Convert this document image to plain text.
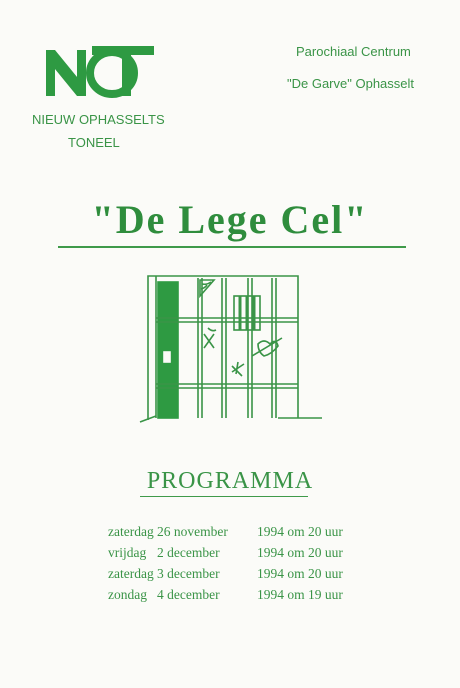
NIEUW OPHASSELTS
TONEEL
Parochiaal Centrum
"De Garve" Ophasselt
"De Lege Cel"
PROGRAMMA
zaterdag 26 november 1994 om 20 uur
vrijdag 2 december	1994 om 20 uur
zaterdag 3 december	1994 om 20 uur
zondag 4 december	1994 om 19 uur
